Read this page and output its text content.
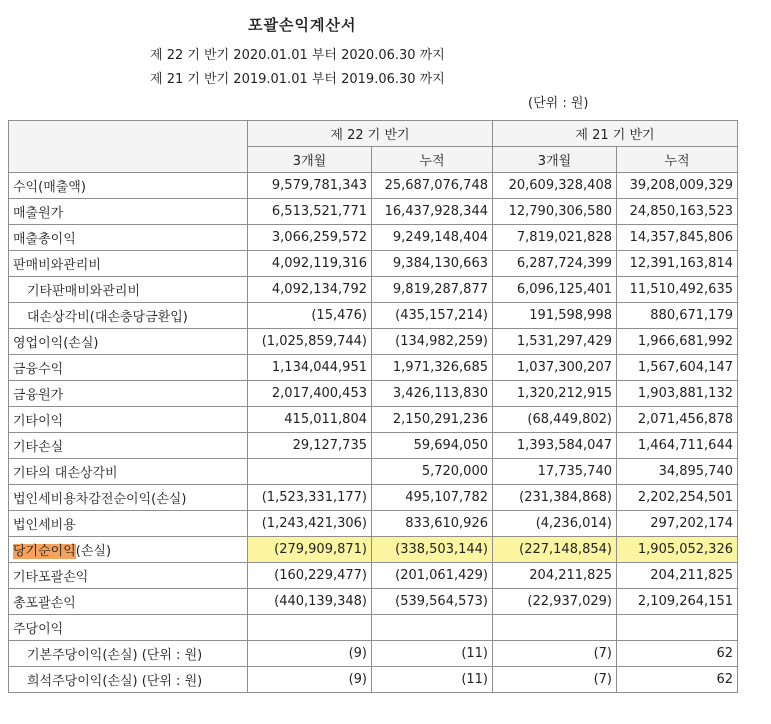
포괄손익계산서
제 22 기 반기 2020.01.01 부터 2020.06.30 까지
제 21 기 반기 2019.01.01 부터 2019.06.30 까지
(단위 : 원)
	제 22 기 반기		제 21 기 반기	
	3개월	누적	3개월	누적
수익(매출액)	9,579,781,343	25,687,076,748	20,609,328,408	39,208,009,329
매출원가	6,513,521,771	16,437,928,344	12,790,306,580	24,850,163,523
매출총이익	3,066,259,572	9,249,148,404	7,819,021,828	14,357,845,806
판매비와관리비	4,092,119,316	9,384,130,663	6,287,724,399	12,391,163,814
기타판매비와관리비	4,092,134,792	9,819,287,877	6,096,125,401	11,510,492,635
대손상각비(대손충당금환입)	(15,476)	(435,157,214)	191,598,998	880,671,179
영업이익(손실)	(1,025,859,744)	(134,982,259)	1,531,297,429	1,966,681,992
금융수익	1,134,044,951	1,971,326,685	1,037,300,207	1,567,604,147
금융원가	2,017,400,453	3,426,113,830	1,320,212,915	1,903,881,132
기타이익	415,011,804	2,150,291,236	(68,449,802)	2,071,456,878
기타손실	29,127,735	59,694,050	1,393,584,047	1,464,711,644
기타의 대손상각비		5,720,000	17,735,740	34,895,740
법인세비용차감전순이익(손실)	(1,523,331,177)	495,107,782	(231,384,868)	2,202,254,501
법인세비용	(1,243,421,306)	833,610,926	(4,236,014)	297,202,174
당기순이익(손실)	(279,909,871)	(338,503,144)	(227,148,854)	1,905,052,326
기타포괄손익	(160,229,477)	(201,061,429)	204,211,825	204,211,825
총포괄손익	(440,139,348)	(539,564,573)	(22,937,029)	2,109,264,151
주당이익				
기본주당이익(손실) (단위 : 원)	(9)	(11)	(7)	62
희석주당이익(손실) (단위 : 원)	(9)	(11)	(7)	62
